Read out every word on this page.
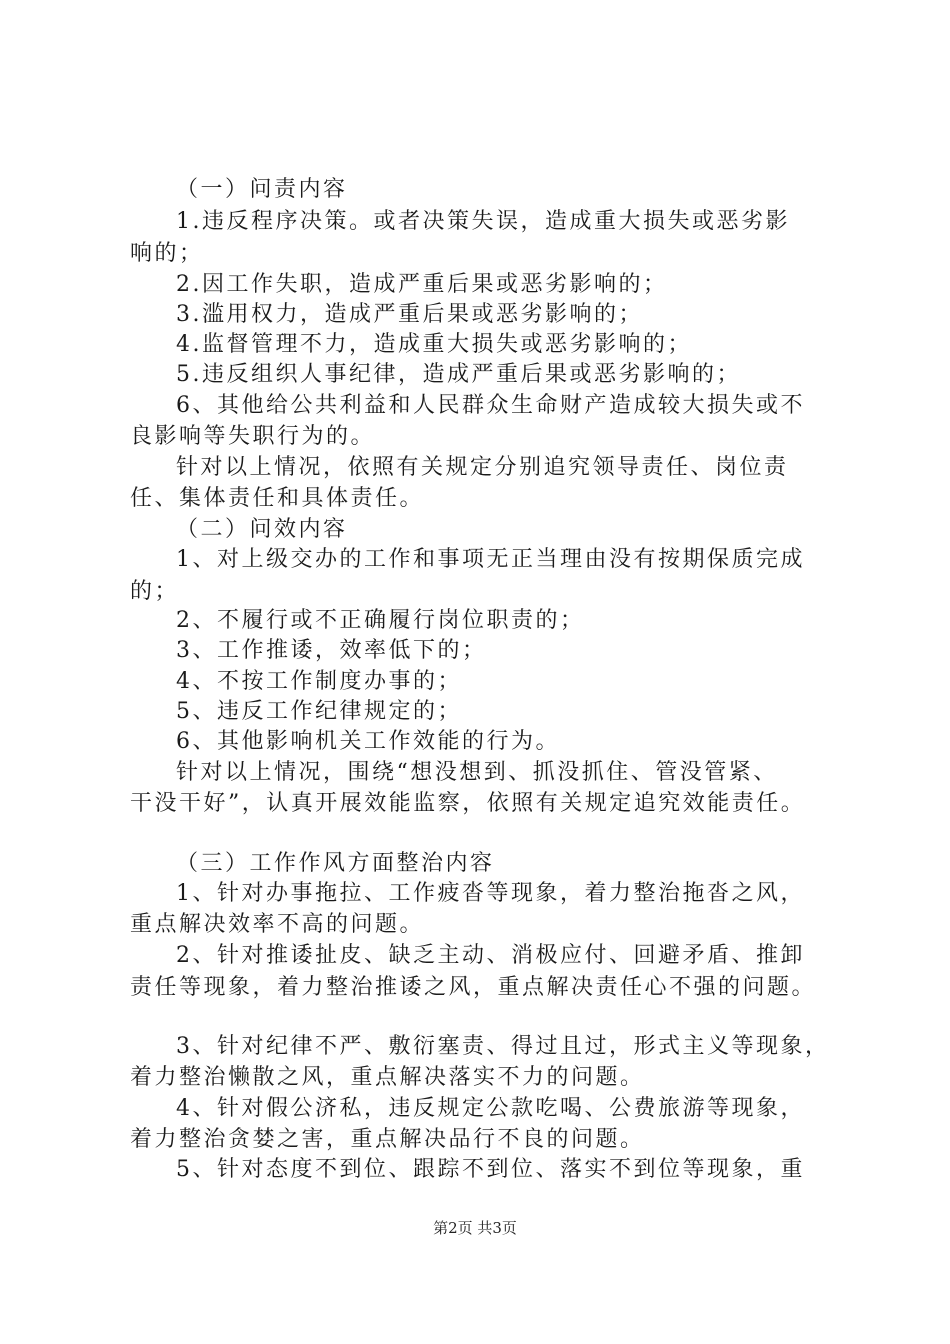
（一）问责内容
1.违反程序决策。或者决策失误，造成重大损失或恶劣影
响的；
2.因工作失职，造成严重后果或恶劣影响的；
3.滥用权力，造成严重后果或恶劣影响的；
4.监督管理不力，造成重大损失或恶劣影响的；
5.违反组织人事纪律，造成严重后果或恶劣影响的；
6、其他给公共利益和人民群众生命财产造成较大损失或不
良影响等失职行为的。
针对以上情况，依照有关规定分别追究领导责任、岗位责
任、集体责任和具体责任。
（二）问效内容
1、对上级交办的工作和事项无正当理由没有按期保质完成
的；
2、不履行或不正确履行岗位职责的；
3、工作推诿，效率低下的；
4、不按工作制度办事的；
5、违反工作纪律规定的；
6、其他影响机关工作效能的行为。
针对以上情况，围绕“想没想到、抓没抓住、管没管紧、
干没干好”，认真开展效能监察，依照有关规定追究效能责任。
（三）工作作风方面整治内容
1、针对办事拖拉、工作疲沓等现象，着力整治拖沓之风，
重点解决效率不高的问题。
2、针对推诿扯皮、缺乏主动、消极应付、回避矛盾、推卸
责任等现象，着力整治推诿之风，重点解决责任心不强的问题。
3、针对纪律不严、敷衍塞责、得过且过，形式主义等现象，
着力整治懒散之风，重点解决落实不力的问题。
4、针对假公济私，违反规定公款吃喝、公费旅游等现象，
着力整治贪婪之害，重点解决品行不良的问题。
5、针对态度不到位、跟踪不到位、落实不到位等现象，重
第2页 共3页
